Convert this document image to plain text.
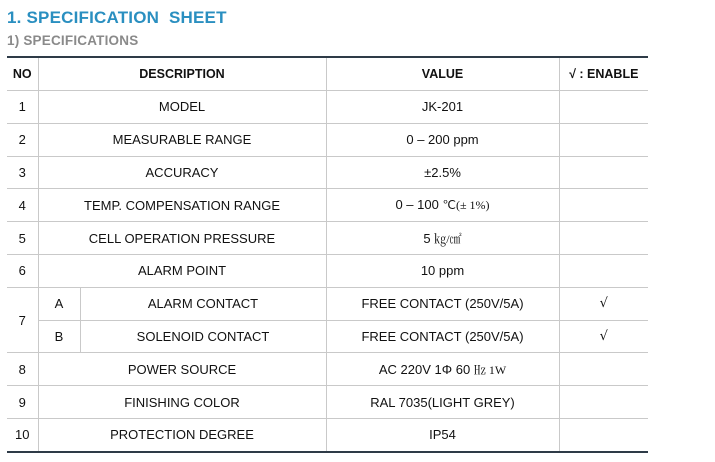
1. SPECIFICATION  SHEET
1) SPECIFICATIONS
NO	DESCRIPTION		VALUE	√ : ENABLE
1	MODEL		JK-201	
2	MEASURABLE RANGE		0 – 200 ppm	
3	ACCURACY		±2.5%	
4	TEMP. COMPENSATION RANGE		0 – 100 ℃(± 1%)	
5	CELL OPERATION PRESSURE		5 ㎏/㎠	
6	ALARM POINT		10 ppm	
7	A	ALARM CONTACT	FREE CONTACT (250V/5A)	√
	B	SOLENOID CONTACT	FREE CONTACT (250V/5A)	√
8	POWER SOURCE		AC 220V 1Φ 60 ㎐ 1W	
9	FINISHING COLOR		RAL 7035(LIGHT GREY)	
10	PROTECTION DEGREE		IP54	
